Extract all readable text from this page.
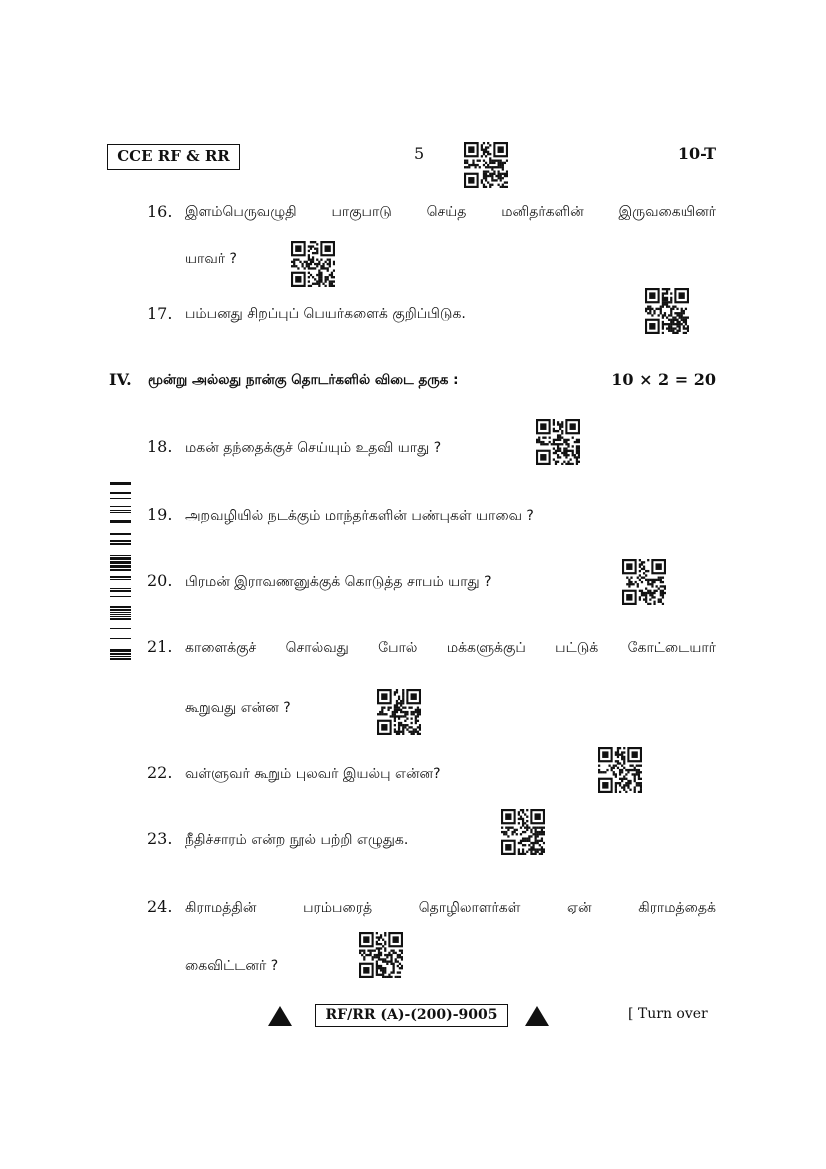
CCE RF & RR	5	10-T
16. இளம்பெருவழுதி பாகுபாடு செய்த மனிதர்களின் இருவகையினர்
யாவர் ?
17. பம்பனது சிறப்புப் பெயர்களைக் குறிப்பிடுக.
IV. மூன்று அல்லது நான்கு தொடர்களில் விடை தருக :	10 × 2 = 20
18. மகன் தந்தைக்குச் செய்யும் உதவி யாது ?
19. அறவழியில் நடக்கும் மாந்தர்களின் பண்புகள் யாவை ?
20. பிரமன் இராவணனுக்குக் கொடுத்த சாபம் யாது ?
21. காளைக்குச் சொல்வது போல் மக்களுக்குப் பட்டுக் கோட்டையார்
கூறுவது என்ன ?
22. வள்ளுவர் கூறும் புலவர் இயல்பு என்ன?
23. நீதிச்சாரம் என்ற நூல் பற்றி எழுதுக.
24. கிராமத்தின்	பரம்பரைத்	தொழிலாளர்கள்	ஏன்	கிராமத்தைக்
கைவிட்டனர் ?
RF/RR (A)-(200)-9005	[ Turn over
